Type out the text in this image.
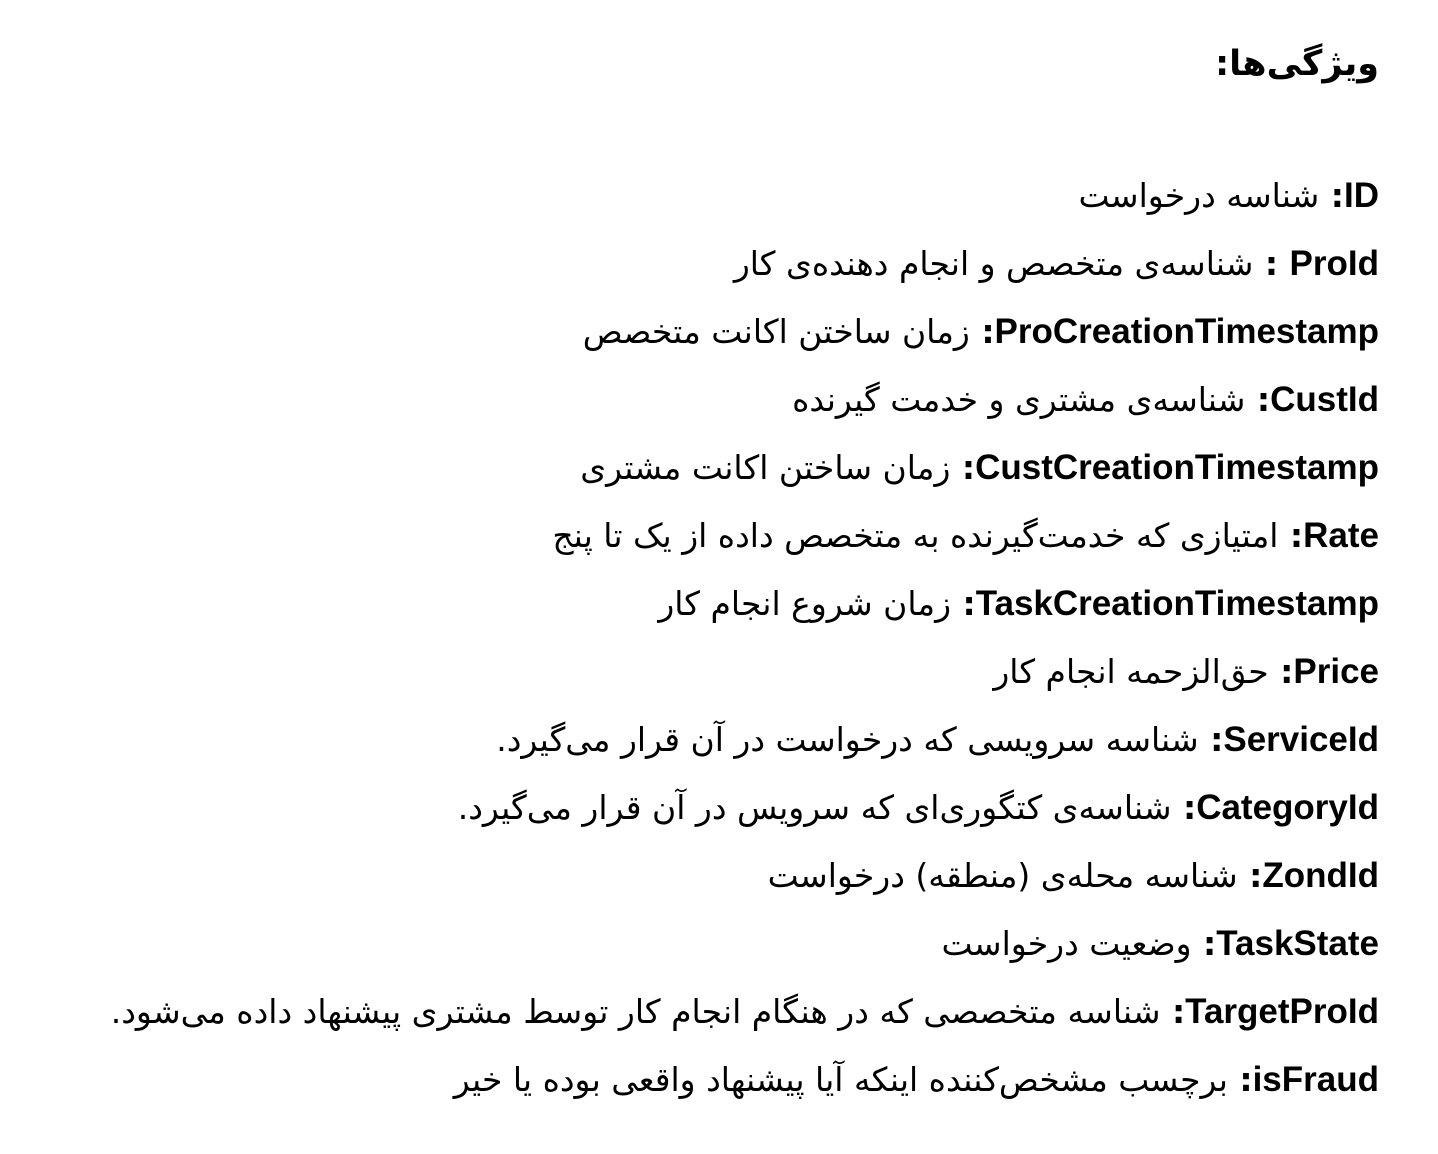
ویژگی‌ها:
ID: شناسه درخواست
ProId : شناسه‌ی متخصص و انجام دهنده‌ی کار
ProCreationTimestamp: زمان ساختن اکانت متخصص
CustId: شناسه‌ی مشتری و خدمت گیرنده
CustCreationTimestamp: زمان ساختن اکانت مشتری
Rate: امتیازی که خدمت‌گیرنده به متخصص داده از یک تا پنج
TaskCreationTimestamp: زمان شروع انجام کار
Price: حق‌الزحمه انجام کار
ServiceId: شناسه سرویسی که درخواست در آن قرار می‌گیرد.
CategoryId: شناسه‌ی کتگوری‌ای که سرویس در آن قرار می‌گیرد.
ZondId: شناسه محله‌ی (منطقه) درخواست
TaskState: وضعیت درخواست
TargetProId: شناسه متخصصی که در هنگام انجام کار توسط مشتری پیشنهاد داده می‌شود.
isFraud: برچسب مشخص‌کننده اینکه آیا پیشنهاد واقعی بوده یا خیر
